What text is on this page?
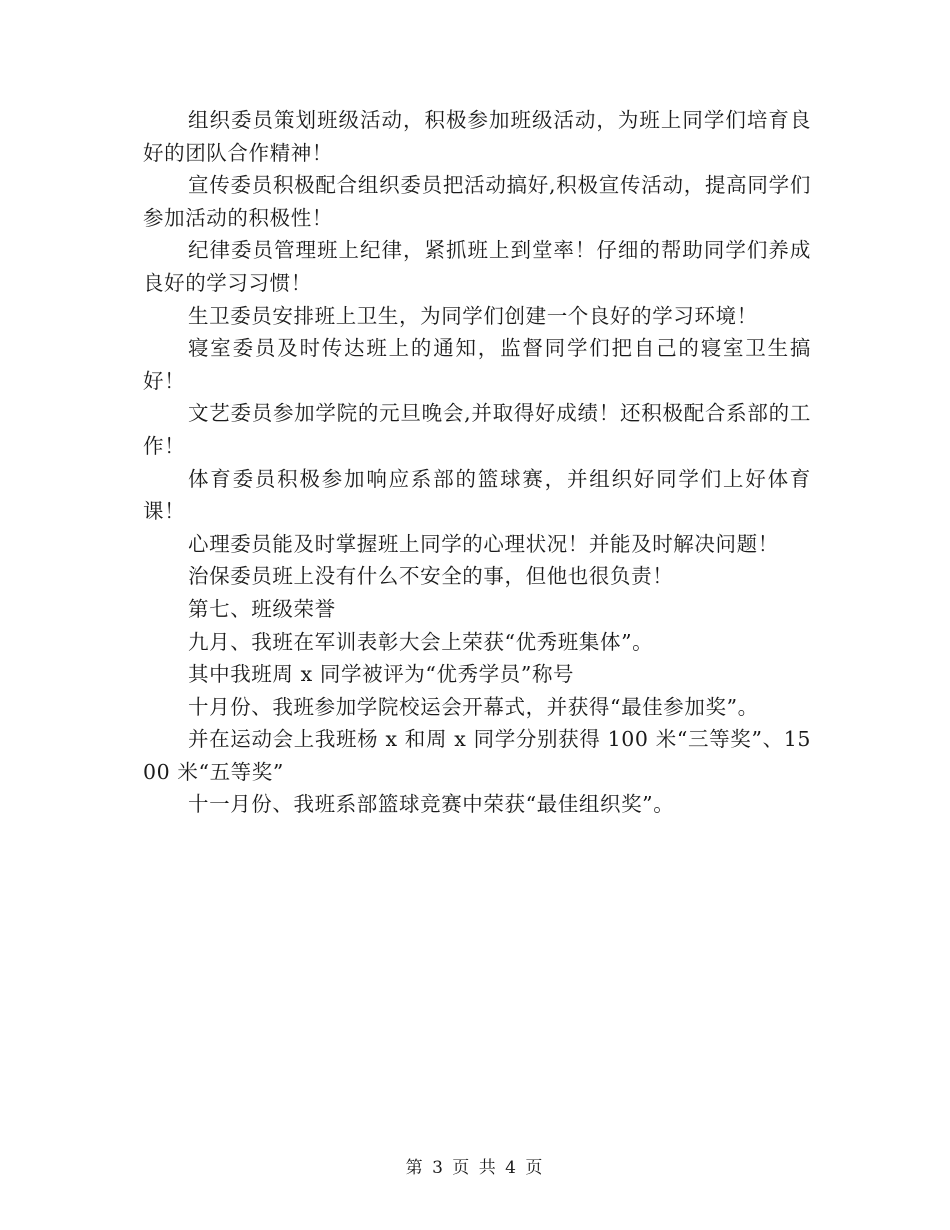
组织委员策划班级活动，积极参加班级活动，为班上同学们培育良好的团队合作精神！

宣传委员积极配合组织委员把活动搞好,积极宣传活动，提高同学们参加活动的积极性！

纪律委员管理班上纪律，紧抓班上到堂率！仔细的帮助同学们养成良好的学习习惯！

生卫委员安排班上卫生，为同学们创建一个良好的学习环境！

寝室委员及时传达班上的通知，监督同学们把自己的寝室卫生搞好！

文艺委员参加学院的元旦晚会,并取得好成绩！还积极配合系部的工作！

体育委员积极参加响应系部的篮球赛，并组织好同学们上好体育课！

心理委员能及时掌握班上同学的心理状况！并能及时解决问题！

治保委员班上没有什么不安全的事，但他也很负责！

第七、班级荣誉

九月、我班在军训表彰大会上荣获“优秀班集体”。

其中我班周 x 同学被评为“优秀学员”称号

十月份、我班参加学院校运会开幕式，并获得“最佳参加奖”。

并在运动会上我班杨 x 和周 x 同学分别获得 100 米“三等奖”、1500 米“五等奖”

十一月份、我班系部篮球竞赛中荣获“最佳组织奖”。

第 3 页 共 4 页
